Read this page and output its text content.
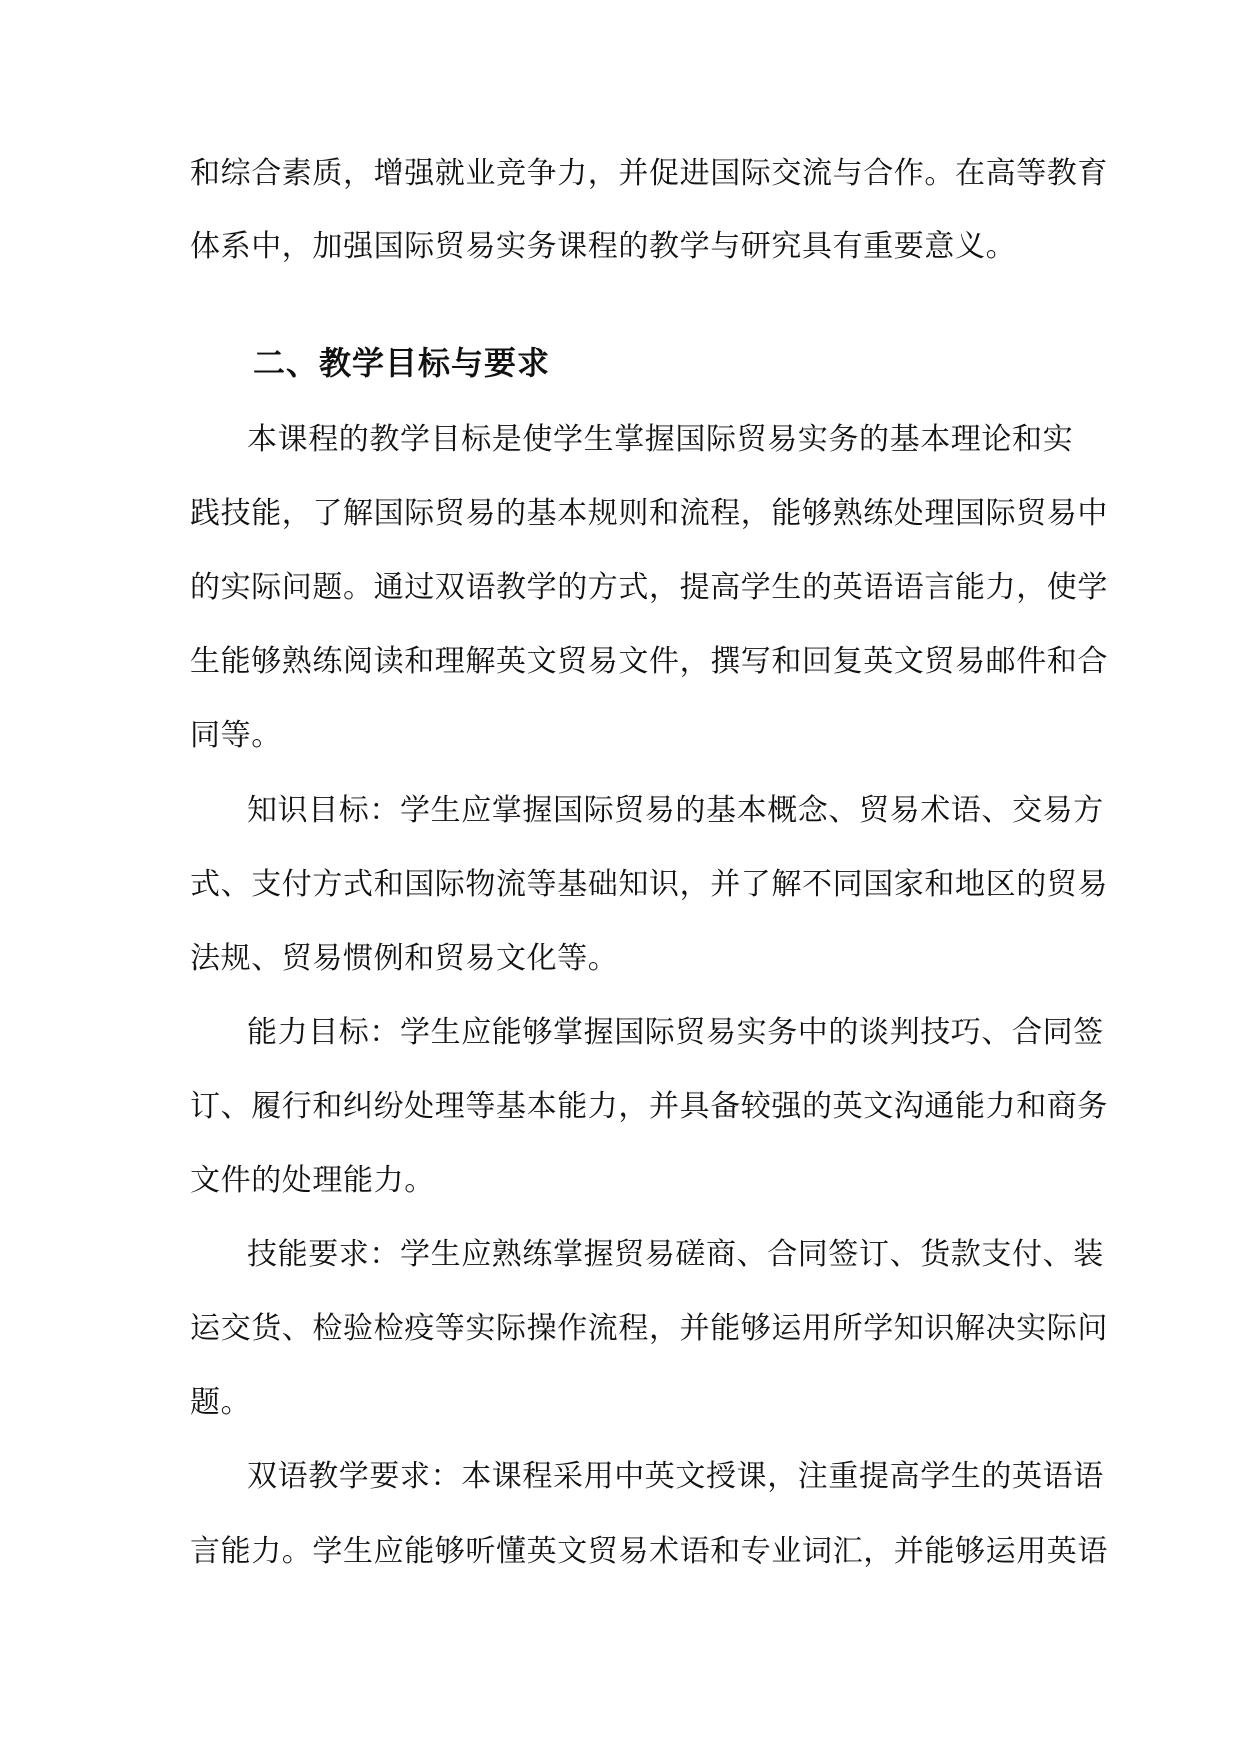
和综合素质，增强就业竞争力，并促进国际交流与合作。在高等教育
体系中，加强国际贸易实务课程的教学与研究具有重要意义。
二、教学目标与要求
本课程的教学目标是使学生掌握国际贸易实务的基本理论和实
践技能，了解国际贸易的基本规则和流程，能够熟练处理国际贸易中
的实际问题。通过双语教学的方式，提高学生的英语语言能力，使学
生能够熟练阅读和理解英文贸易文件，撰写和回复英文贸易邮件和合
同等。
知识目标：学生应掌握国际贸易的基本概念、贸易术语、交易方
式、支付方式和国际物流等基础知识，并了解不同国家和地区的贸易
法规、贸易惯例和贸易文化等。
能力目标：学生应能够掌握国际贸易实务中的谈判技巧、合同签
订、履行和纠纷处理等基本能力，并具备较强的英文沟通能力和商务
文件的处理能力。
技能要求：学生应熟练掌握贸易磋商、合同签订、货款支付、装
运交货、检验检疫等实际操作流程，并能够运用所学知识解决实际问
题。
双语教学要求：本课程采用中英文授课，注重提高学生的英语语
言能力。学生应能够听懂英文贸易术语和专业词汇，并能够运用英语
